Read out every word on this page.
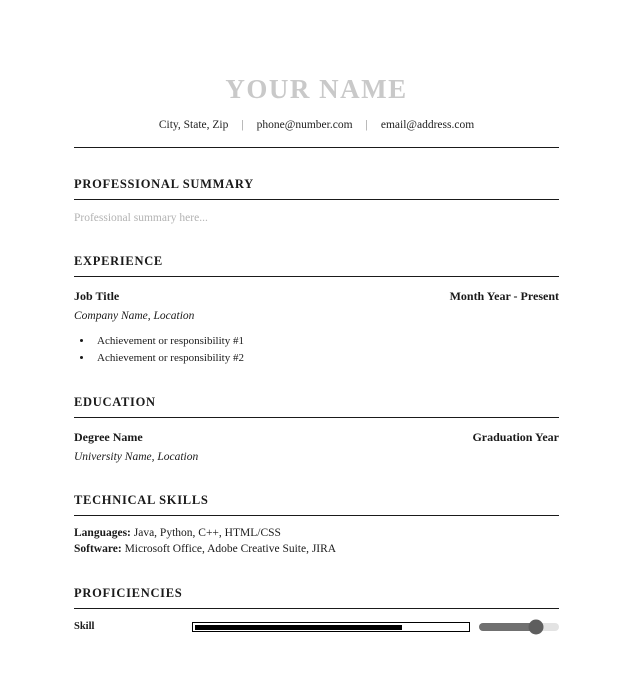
YOUR NAME
City, State, Zip | phone@number.com | email@address.com
PROFESSIONAL SUMMARY
Professional summary here...
EXPERIENCE
Job Title	Month Year - Present
Company Name, Location
• Achievement or responsibility #1
• Achievement or responsibility #2
EDUCATION
Degree Name	Graduation Year
University Name, Location
TECHNICAL SKILLS
Languages: Java, Python, C++, HTML/CSS
Software: Microsoft Office, Adobe Creative Suite, JIRA
PROFICIENCIES
Skill
